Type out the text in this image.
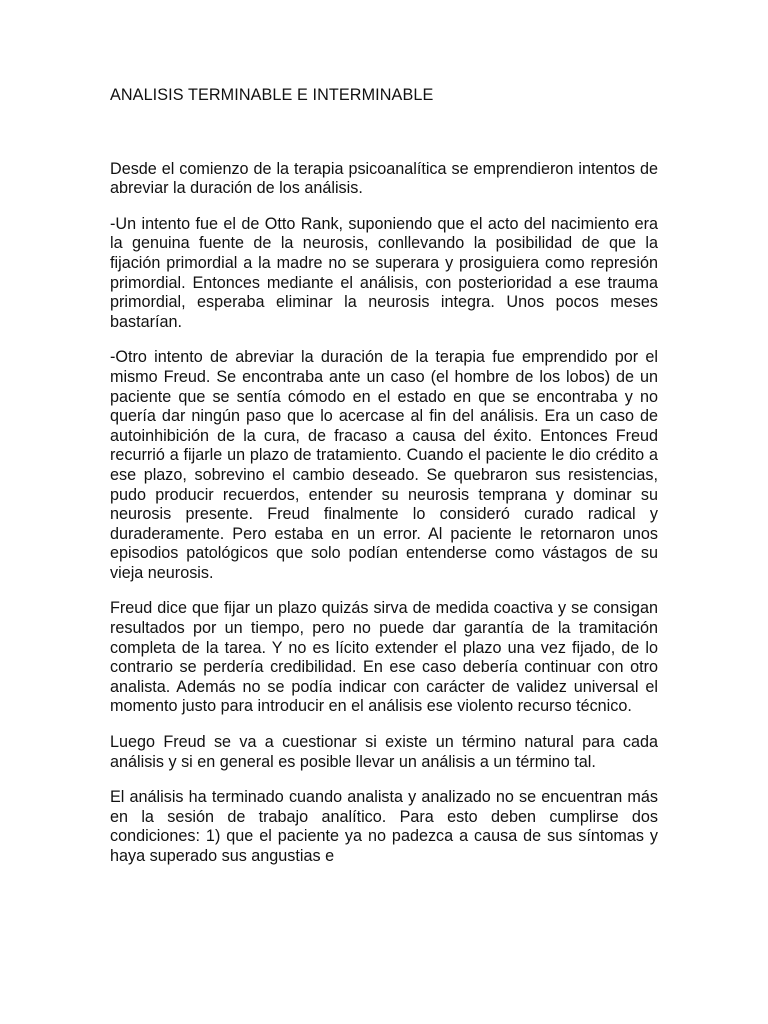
ANALISIS TERMINABLE E INTERMINABLE

Desde el comienzo de la terapia psicoanalítica se emprendieron intentos de abreviar la duración de los análisis.

-Un intento fue el de Otto Rank, suponiendo que el acto del nacimiento era la genuina fuente de la neurosis, conllevando la posibilidad de que la fijación primordial a la madre no se superara y prosiguiera como represión primordial. Entonces mediante el análisis, con posterioridad a ese trauma primordial, esperaba eliminar la neurosis integra. Unos pocos meses bastarían.

-Otro intento de abreviar la duración de la terapia fue emprendido por el mismo Freud. Se encontraba ante un caso (el hombre de los lobos) de un paciente que se sentía cómodo en el estado en que se encontraba y no quería dar ningún paso que lo acercase al fin del análisis. Era un caso de autoinhibición de la cura, de fracaso a causa del éxito. Entonces Freud recurrió a fijarle un plazo de tratamiento. Cuando el paciente le dio crédito a ese plazo, sobrevino el cambio deseado. Se quebraron sus resistencias, pudo producir recuerdos, entender su neurosis temprana y dominar su neurosis presente. Freud finalmente lo consideró curado radical y duraderamente. Pero estaba en un error. Al paciente le retornaron unos episodios patológicos que solo podían entenderse como vástagos de su vieja neurosis.

Freud dice que fijar un plazo quizás sirva de medida coactiva y se consigan resultados por un tiempo, pero no puede dar garantía de la tramitación completa de la tarea. Y no es lícito extender el plazo una vez fijado, de lo contrario se perdería credibilidad. En ese caso debería continuar con otro analista. Además no se podía indicar con carácter de validez universal el momento justo para introducir en el análisis ese violento recurso técnico.

Luego Freud se va a cuestionar si existe un término natural para cada análisis y si en general es posible llevar un análisis a un término tal.

El análisis ha terminado cuando analista y analizado no se encuentran más en la sesión de trabajo analítico. Para esto deben cumplirse dos condiciones: 1) que el paciente ya no padezca a causa de sus síntomas y haya superado sus angustias e
